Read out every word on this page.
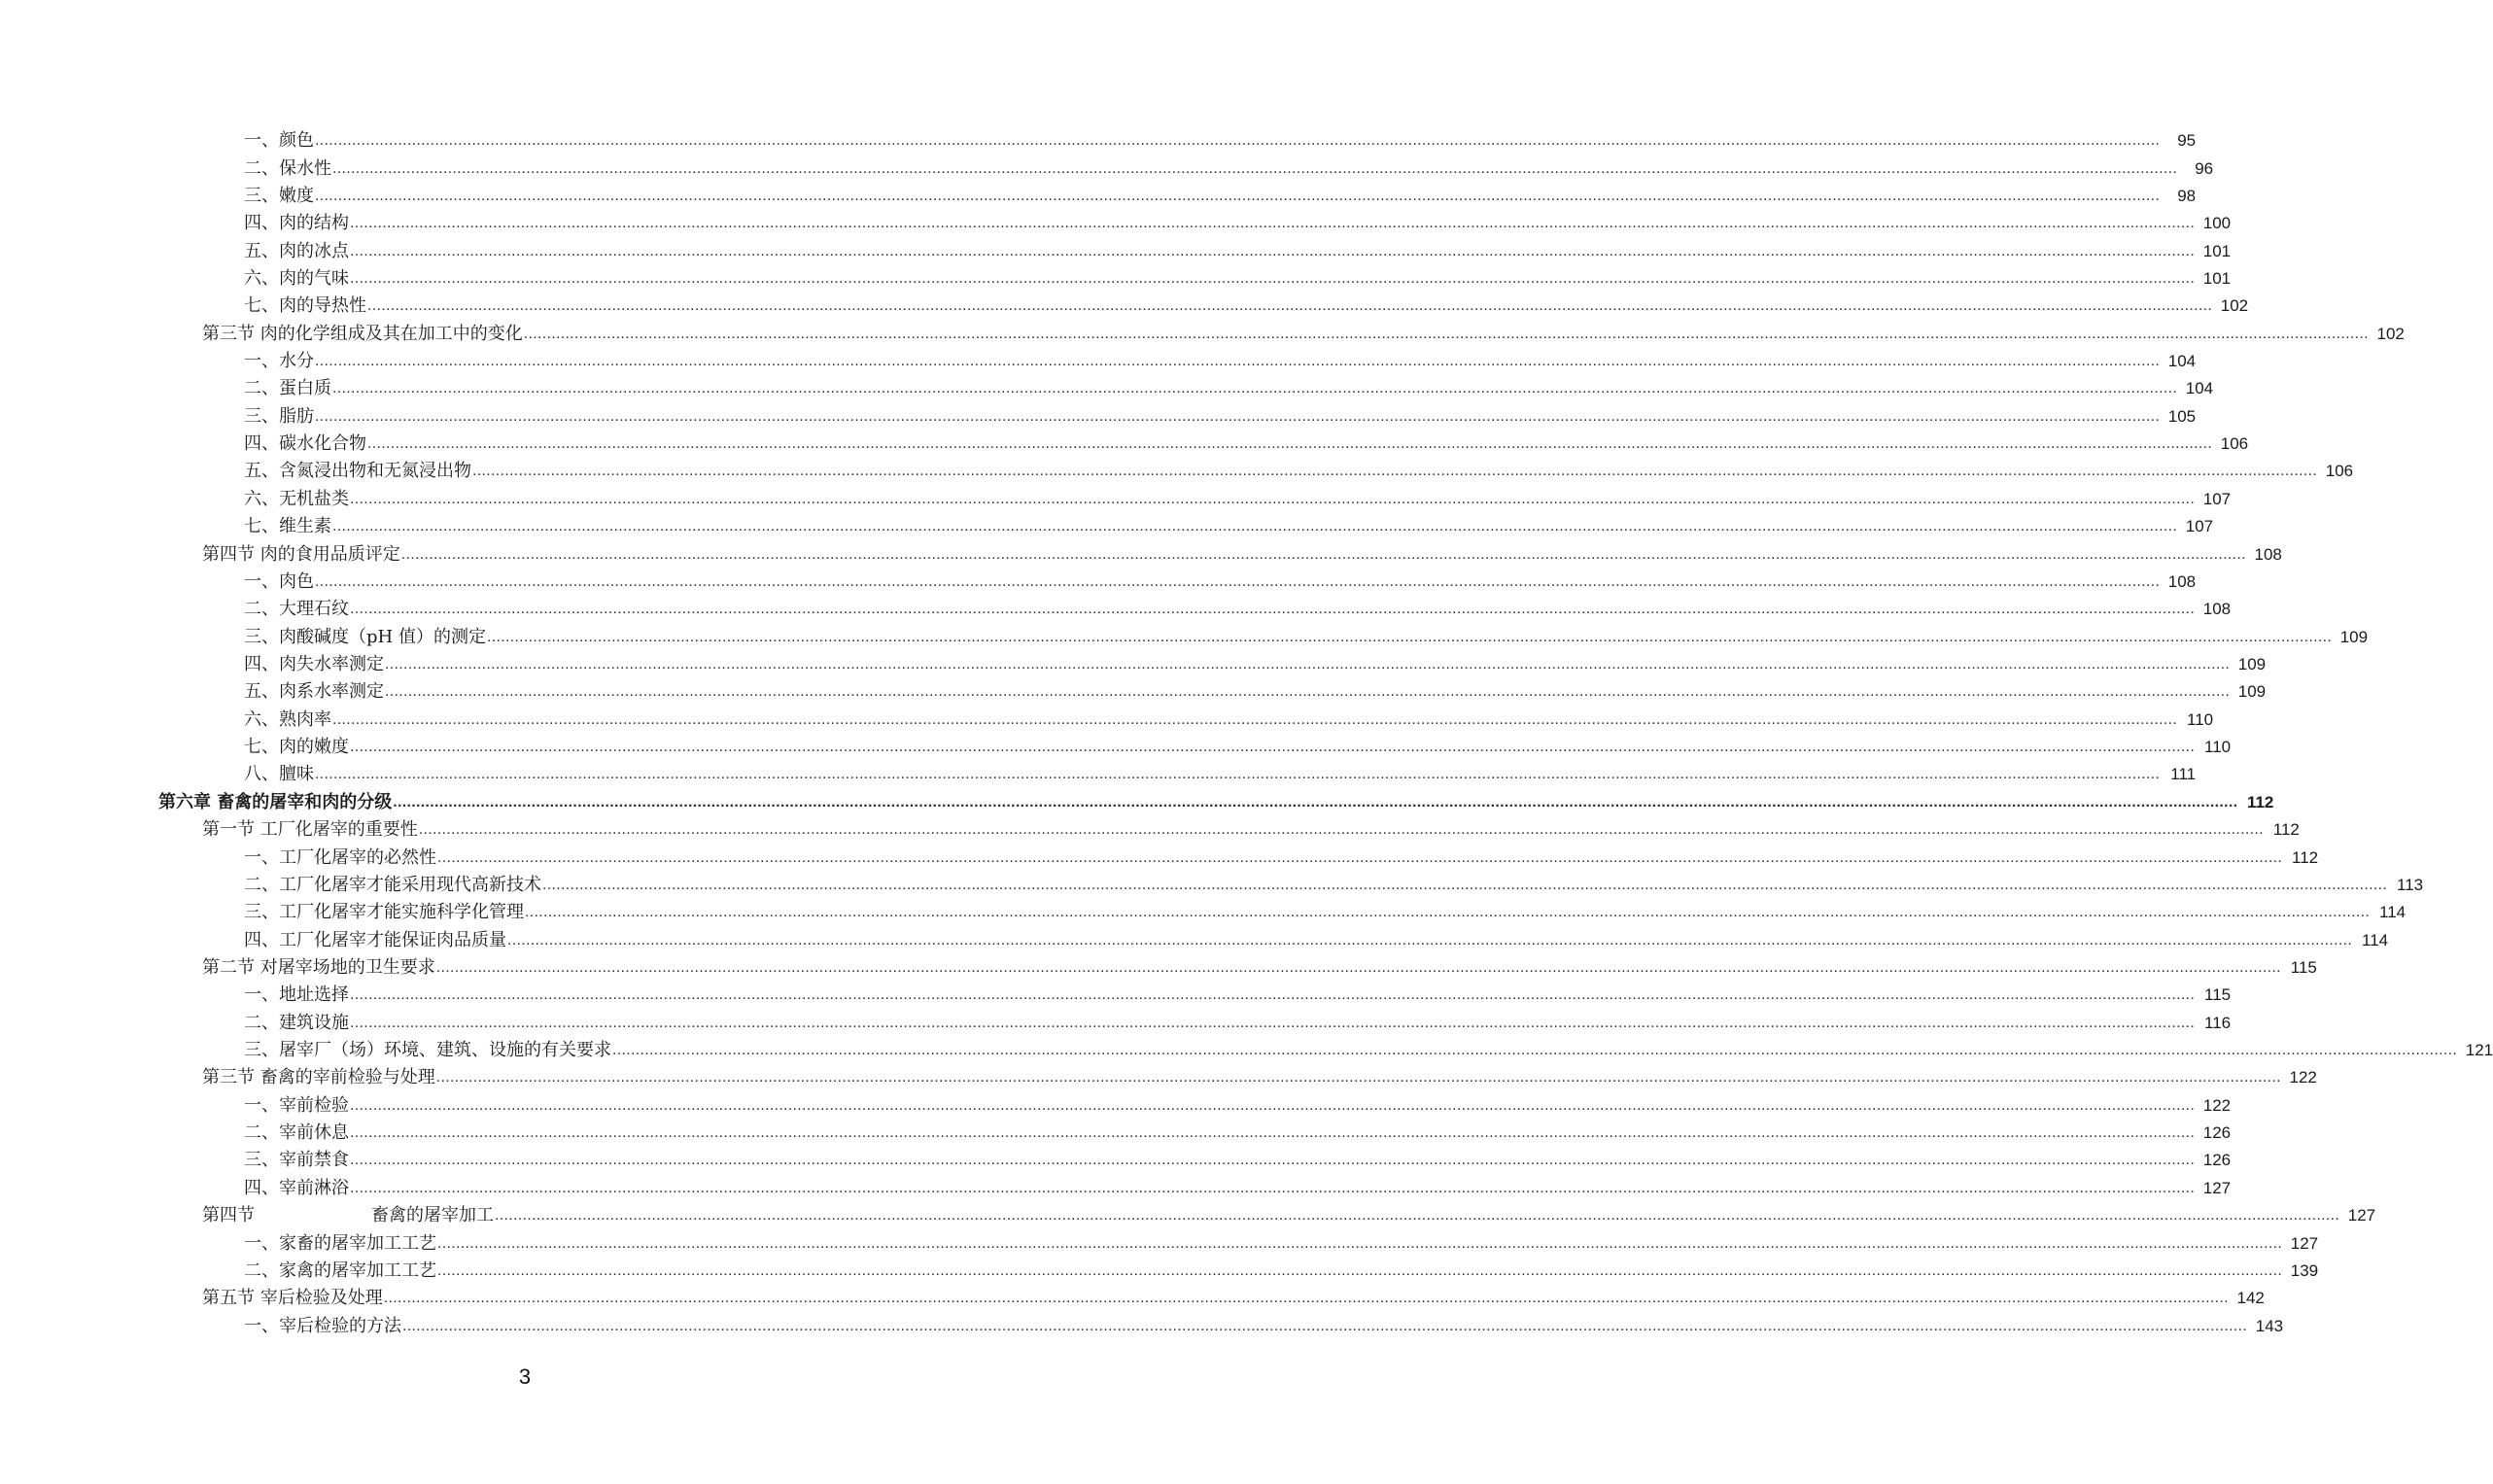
一、颜色 ................................................................................................................................................................................................................................................................................................................................................................................................................	95
二、保水性 ................................................................................................................................................................................................................................................................................................................................................................................................................	96
三、嫩度 ................................................................................................................................................................................................................................................................................................................................................................................................................	98
四、肉的结构 ................................................................................................................................................................................................................................................................................................................................................................................................................ 100
五、肉的冰点 ................................................................................................................................................................................................................................................................................................................................................................................................................ 101
六、肉的气味 ................................................................................................................................................................................................................................................................................................................................................................................................................ 101
七、肉的导热性 ................................................................................................................................................................................................................................................................................................................................................................................................................ 102
第三节 肉的化学组成及其在加工中的变化 ................................................................................................................................................................................................................................................................................................................................................................................................................ 102
一、水分 ................................................................................................................................................................................................................................................................................................................................................................................................................ 104
二、蛋白质 ................................................................................................................................................................................................................................................................................................................................................................................................................ 104
三、脂肪 ................................................................................................................................................................................................................................................................................................................................................................................................................ 105
四、碳水化合物 ................................................................................................................................................................................................................................................................................................................................................................................................................ 106
五、含氮浸出物和无氮浸出物 ................................................................................................................................................................................................................................................................................................................................................................................................................ 106
六、无机盐类 ................................................................................................................................................................................................................................................................................................................................................................................................................ 107
七、维生素 ................................................................................................................................................................................................................................................................................................................................................................................................................ 107
第四节 肉的食用品质评定 ................................................................................................................................................................................................................................................................................................................................................................................................................ 108
一、肉色 ................................................................................................................................................................................................................................................................................................................................................................................................................ 108
二、大理石纹 ................................................................................................................................................................................................................................................................................................................................................................................................................ 108
三、肉酸碱度（pH 值）的测定 ................................................................................................................................................................................................................................................................................................................................................................................................................ 109
四、肉失水率测定 ................................................................................................................................................................................................................................................................................................................................................................................................................ 109
五、肉系水率测定 ................................................................................................................................................................................................................................................................................................................................................................................................................ 109
六、熟肉率 ................................................................................................................................................................................................................................................................................................................................................................................................................ 110
七、肉的嫩度 ................................................................................................................................................................................................................................................................................................................................................................................................................ 110
八、膻味 ................................................................................................................................................................................................................................................................................................................................................................................................................ 111
第六章 畜禽的屠宰和肉的分级 ................................................................................................................................................................................................................................................................................................................................................................................................................ 112
第一节 工厂化屠宰的重要性 ................................................................................................................................................................................................................................................................................................................................................................................................................ 112
一、工厂化屠宰的必然性 ................................................................................................................................................................................................................................................................................................................................................................................................................ 112
二、工厂化屠宰才能采用现代高新技术 ................................................................................................................................................................................................................................................................................................................................................................................................................ 113
三、工厂化屠宰才能实施科学化管理 ................................................................................................................................................................................................................................................................................................................................................................................................................ 114
四、工厂化屠宰才能保证肉品质量 ................................................................................................................................................................................................................................................................................................................................................................................................................ 114
第二节 对屠宰场地的卫生要求 ................................................................................................................................................................................................................................................................................................................................................................................................................ 115
一、地址选择 ................................................................................................................................................................................................................................................................................................................................................................................................................ 115
二、建筑设施 ................................................................................................................................................................................................................................................................................................................................................................................................................ 116
三、屠宰厂（场）环境、建筑、设施的有关要求 ................................................................................................................................................................................................................................................................................................................................................................................................................ 121
第三节 畜禽的宰前检验与处理 ................................................................................................................................................................................................................................................................................................................................................................................................................ 122
一、宰前检验 ................................................................................................................................................................................................................................................................................................................................................................................................................ 122
二、宰前休息 ................................................................................................................................................................................................................................................................................................................................................................................................................ 126
三、宰前禁食 ................................................................................................................................................................................................................................................................................................................................................................................................................ 126
四、宰前淋浴 ................................................................................................................................................................................................................................................................................................................................................................................................................ 127
第四节	畜禽的屠宰加工 ................................................................................................................................................................................................................................................................................................................................................................................................................ 127
一、家畜的屠宰加工工艺 ................................................................................................................................................................................................................................................................................................................................................................................................................ 127
二、家禽的屠宰加工工艺 ................................................................................................................................................................................................................................................................................................................................................................................................................ 139
第五节 宰后检验及处理 ................................................................................................................................................................................................................................................................................................................................................................................................................ 142
一、宰后检验的方法 ................................................................................................................................................................................................................................................................................................................................................................................................................ 143
3
